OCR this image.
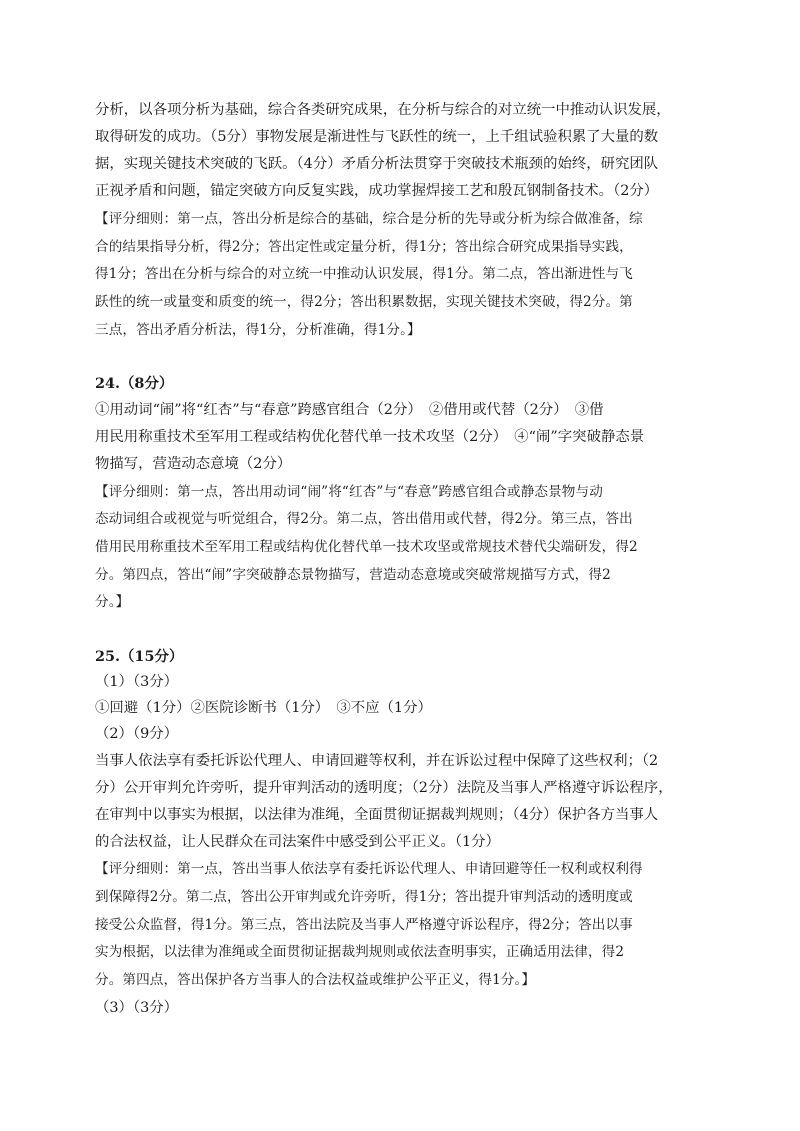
分析，以各项分析为基础，综合各类研究成果，在分析与综合的对立统一中推动认识发展，
取得研发的成功。（5分）事物发展是渐进性与飞跃性的统一，上千组试验积累了大量的数
据，实现关键技术突破的飞跃。（4分）矛盾分析法贯穿于突破技术瓶颈的始终，研究团队
正视矛盾和问题，锚定突破方向反复实践，成功掌握焊接工艺和殷瓦钢制备技术。（2分）
【评分细则：第一点，答出分析是综合的基础，综合是分析的先导或分析为综合做准备，综
合的结果指导分析，得2分；答出定性或定量分析，得1分；答出综合研究成果指导实践，
得1分；答出在分析与综合的对立统一中推动认识发展，得1分。第二点，答出渐进性与飞
跃性的统一或量变和质变的统一，得2分；答出积累数据，实现关键技术突破，得2分。第
三点，答出矛盾分析法，得1分，分析准确，得1分。】
24.（8分）
①用动词“闹”将“红杏”与“春意”跨感官组合（2分）　②借用或代替（2分）　③借
用民用称重技术至军用工程或结构优化替代单一技术攻坚（2分）　④“闹”字突破静态景
物描写，营造动态意境（2分）
【评分细则：第一点，答出用动词“闹”将“红杏”与“春意”跨感官组合或静态景物与动
态动词组合或视觉与听觉组合，得2分。第二点，答出借用或代替，得2分。第三点，答出
借用民用称重技术至军用工程或结构优化替代单一技术攻坚或常规技术替代尖端研发，得2
分。第四点，答出“闹”字突破静态景物描写，营造动态意境或突破常规描写方式，得2
分。】
25.（15分）
（1）（3分）
①回避（1分）②医院诊断书（1分）　③不应（1分）
（2）（9分）
当事人依法享有委托诉讼代理人、申请回避等权利，并在诉讼过程中保障了这些权利；（2
分）公开审判允许旁听，提升审判活动的透明度；（2分）法院及当事人严格遵守诉讼程序，
在审判中以事实为根据，以法律为准绳，全面贯彻证据裁判规则；（4分）保护各方当事人
的合法权益，让人民群众在司法案件中感受到公平正义。（1分）
【评分细则：第一点，答出当事人依法享有委托诉讼代理人、申请回避等任一权利或权利得
到保障得2分。第二点，答出公开审判或允许旁听，得1分；答出提升审判活动的透明度或
接受公众监督，得1分。第三点，答出法院及当事人严格遵守诉讼程序，得2分；答出以事
实为根据，以法律为准绳或全面贯彻证据裁判规则或依法查明事实，正确适用法律，得2
分。第四点，答出保护各方当事人的合法权益或维护公平正义，得1分。】
（3）（3分）
